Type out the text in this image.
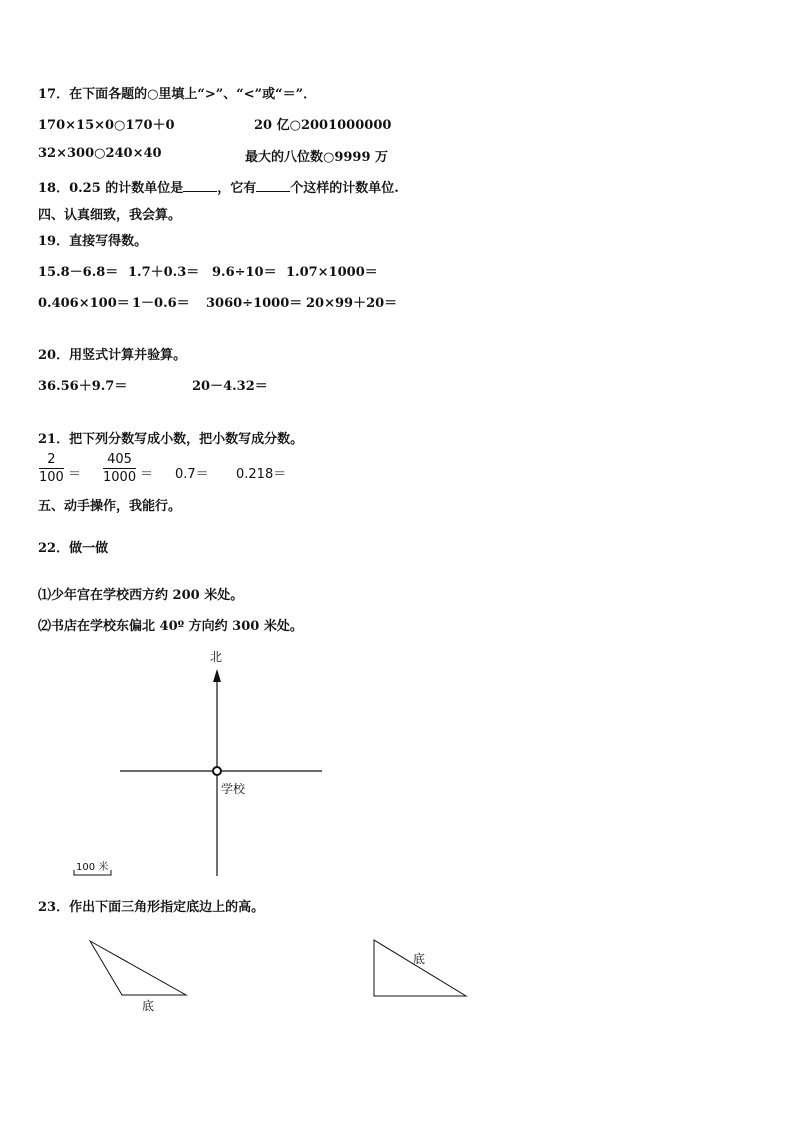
17．在下面各题的○里填上“>”、“<”或“＝”．
170×15×0○170＋0	20 亿○2001000000
32×300○240×40	最大的八位数○9999 万
18．0.25 的计数单位是	，它有	个这样的计数单位.
四、认真细致，我会算。
19．直接写得数。
15.8－6.8＝ 1.7＋0.3＝ 9.6÷10＝ 1.07×1000＝
0.406×100＝ 1－0.6＝ 3060÷1000＝ 20×99＋20＝
20．用竖式计算并验算。
36.56＋9.7＝	20－4.32＝
21．把下列分数写成小数，把小数写成分数。
$\frac{2}{100} = \frac{405}{1000} = 0.7= 0.218=$
五、动手操作，我能行。
22．做一做
⑴少年宫在学校西方约 200 米处。
⑵书店在学校东偏北 40º 方向约 300 米处。
北
学校
100 米
23．作出下面三角形指定底边上的高。
底
底
